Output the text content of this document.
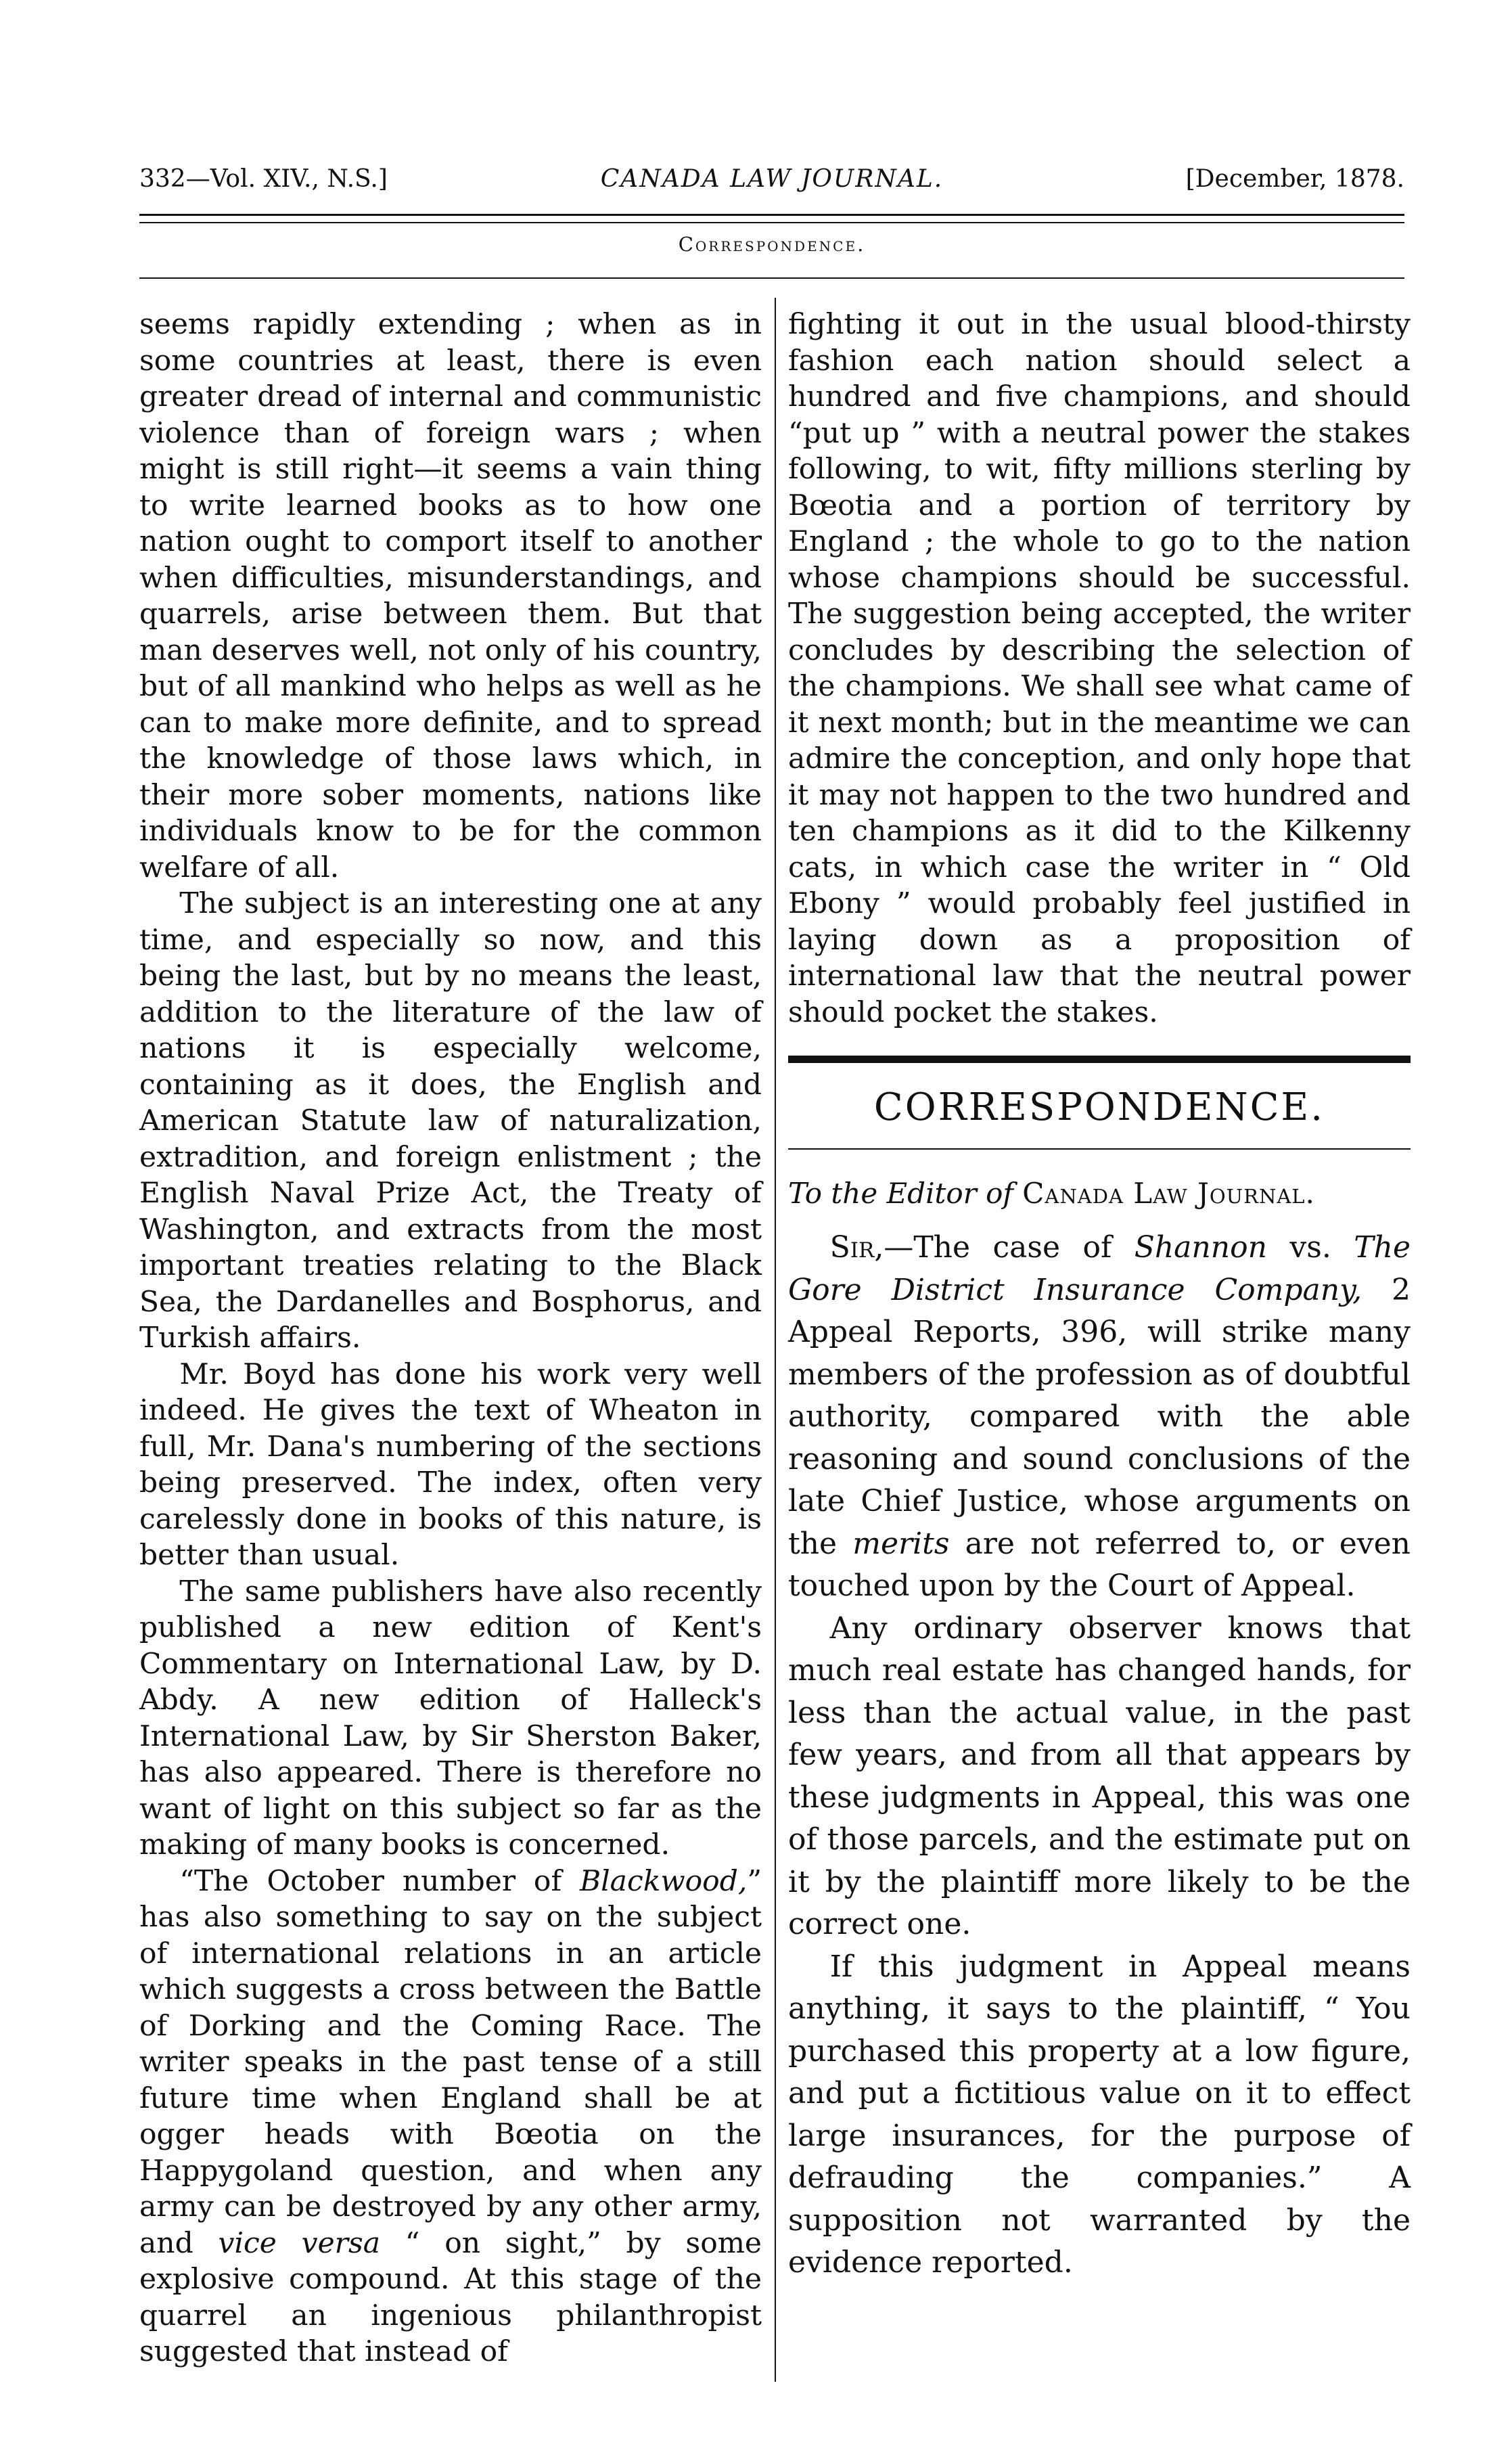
332—Vol. XIV., N.S.]	CANADA LAW JOURNAL.	[December, 1878.
Correspondence.

seems rapidly extending ; when as in some countries at least, there is even greater dread of internal and communistic violence than of foreign wars ; when might is still right—it seems a vain thing to write learned books as to how one nation ought to comport itself to another when difficulties, misunderstandings, and quarrels, arise between them. But that man deserves well, not only of his country, but of all mankind who helps as well as he can to make more definite, and to spread the knowledge of those laws which, in their more sober moments, nations like individuals know to be for the common welfare of all.

The subject is an interesting one at any time, and especially so now, and this being the last, but by no means the least, addition to the literature of the law of nations it is especially welcome, containing as it does, the English and American Statute law of naturalization, extradition, and foreign enlistment ; the English Naval Prize Act, the Treaty of Washington, and extracts from the most important treaties relating to the Black Sea, the Dardanelles and Bosphorus, and Turkish affairs.

Mr. Boyd has done his work very well indeed. He gives the text of Wheaton in full, Mr. Dana's numbering of the sections being preserved. The index, often very carelessly done in books of this nature, is better than usual.

The same publishers have also recently published a new edition of Kent's Commentary on International Law, by D. Abdy. A new edition of Halleck's International Law, by Sir Sherston Baker, has also appeared. There is therefore no want of light on this subject so far as the making of many books is concerned.

“The October number of Blackwood,” has also something to say on the subject of international relations in an article which suggests a cross between the Battle of Dorking and the Coming Race. The writer speaks in the past tense of a still future time when England shall be at ogger heads with Bœotia on the Happygoland question, and when any army can be destroyed by any other army, and vice versa “ on sight,” by some explosive compound. At this stage of the quarrel an ingenious philanthropist suggested that instead of

fighting it out in the usual blood-thirsty fashion each nation should select a hundred and five champions, and should “put up ” with a neutral power the stakes following, to wit, fifty millions sterling by Bœotia and a portion of territory by England ; the whole to go to the nation whose champions should be successful. The suggestion being accepted, the writer concludes by describing the selection of the champions. We shall see what came of it next month; but in the meantime we can admire the conception, and only hope that it may not happen to the two hundred and ten champions as it did to the Kilkenny cats, in which case the writer in “ Old Ebony ” would probably feel justified in laying down as a proposition of international law that the neutral power should pocket the stakes.

CORRESPONDENCE.
To the Editor of Canada Law Journal.

Sir,—The case of Shannon vs. The Gore District Insurance Company, 2 Appeal Reports, 396, will strike many members of the profession as of doubtful authority, compared with the able reasoning and sound conclusions of the late Chief Justice, whose arguments on the merits are not referred to, or even touched upon by the Court of Appeal.

Any ordinary observer knows that much real estate has changed hands, for less than the actual value, in the past few years, and from all that appears by these judgments in Appeal, this was one of those parcels, and the estimate put on it by the plaintiff more likely to be the correct one.

If this judgment in Appeal means anything, it says to the plaintiff, “ You purchased this property at a low figure, and put a fictitious value on it to effect large insurances, for the purpose of defrauding the companies.” A supposition not warranted by the evidence reported.
